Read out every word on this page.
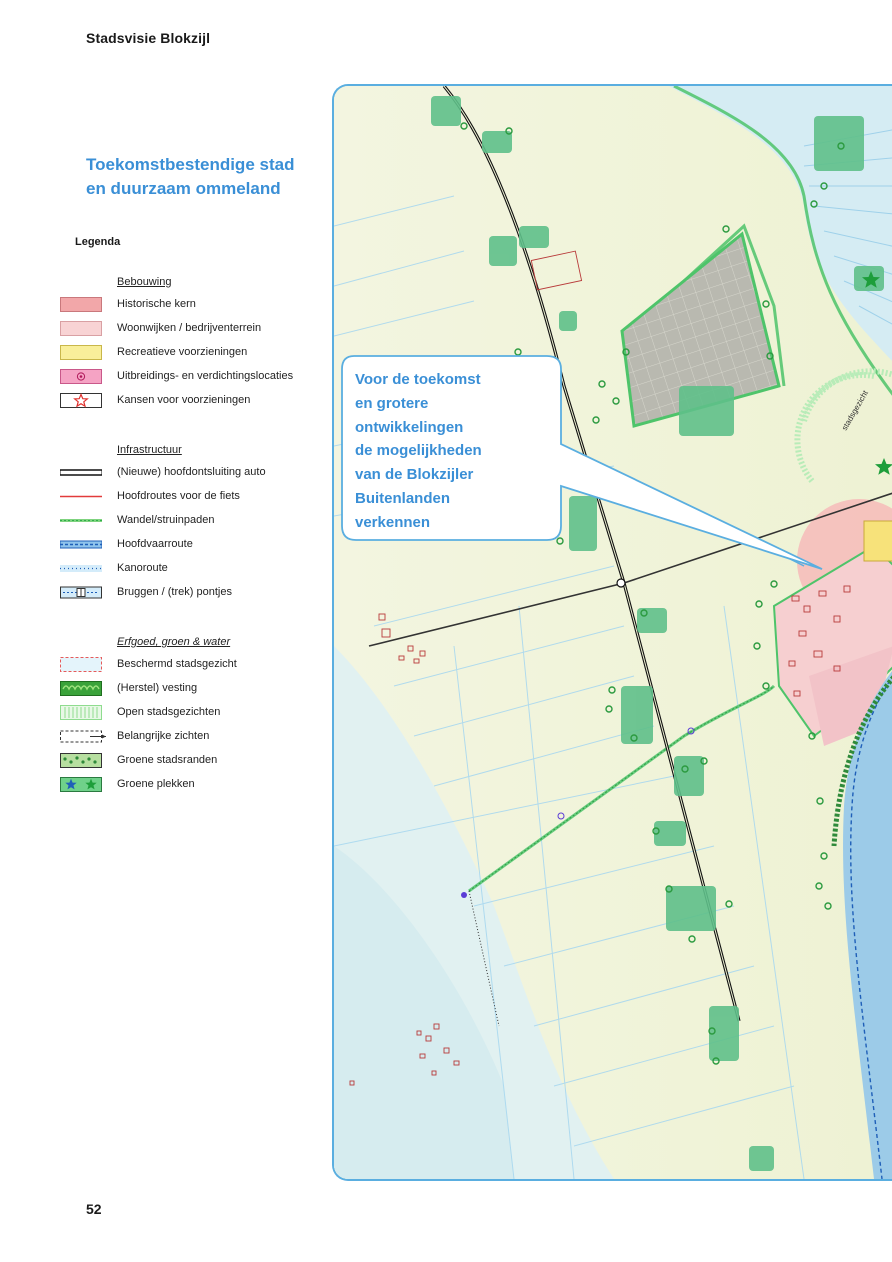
Stadsvisie Blokzijl
Toekomstbestendige stad
en duurzaam ommeland
Legenda
Bebouwing
Historische kern
Woonwijken / bedrijventerrein
Recreatieve voorzieningen
Uitbreidings- en verdichtingslocaties
Kansen voor voorzieningen
Infrastructuur
(Nieuwe) hoofdontsluiting auto
Hoofdroutes voor de fiets
Wandel/struinpaden
Hoofdvaarroute
Kanoroute
Bruggen / (trek) pontjes
Erfgoed, groen & water
Beschermd stadsgezicht
(Herstel) vesting
Open stadsgezichten
Belangrijke zichten
Groene stadsranden
Groene plekken
stadsgezicht
Voor de toekomst
en grotere
ontwikkelingen
de mogelijkheden
van de Blokzijler
Buitenlanden
verkennen
52
